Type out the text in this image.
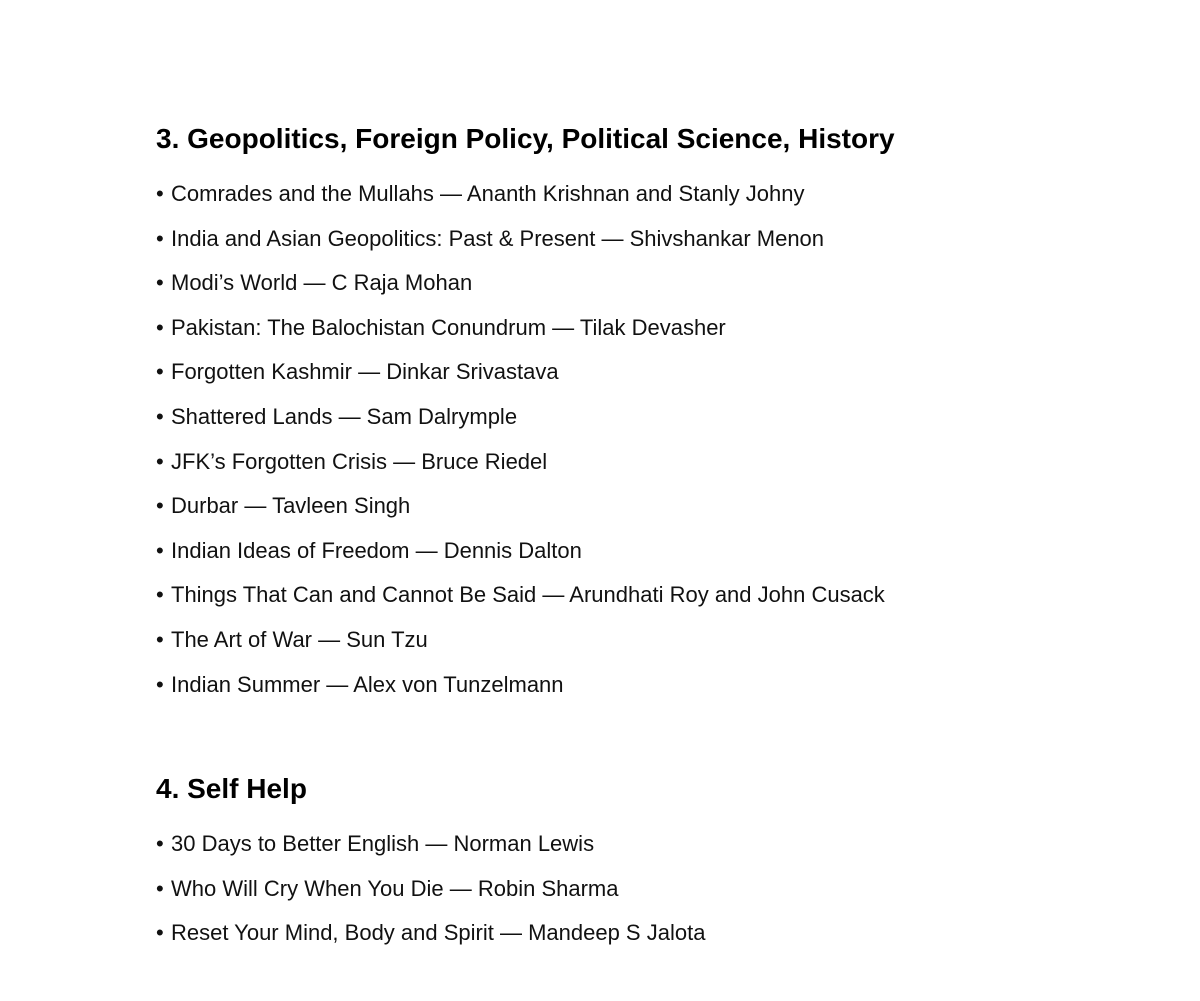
3. Geopolitics, Foreign Policy, Political Science, History
• Comrades and the Mullahs — Ananth Krishnan and Stanly Johny
• India and Asian Geopolitics: Past & Present — Shivshankar Menon
• Modi’s World — C Raja Mohan
• Pakistan: The Balochistan Conundrum — Tilak Devasher
• Forgotten Kashmir — Dinkar Srivastava
• Shattered Lands — Sam Dalrymple
• JFK’s Forgotten Crisis — Bruce Riedel
• Durbar — Tavleen Singh
• Indian Ideas of Freedom — Dennis Dalton
• Things That Can and Cannot Be Said — Arundhati Roy and John Cusack
• The Art of War — Sun Tzu
• Indian Summer — Alex von Tunzelmann
4. Self Help
• 30 Days to Better English — Norman Lewis
• Who Will Cry When You Die — Robin Sharma
• Reset Your Mind, Body and Spirit — Mandeep S Jalota
